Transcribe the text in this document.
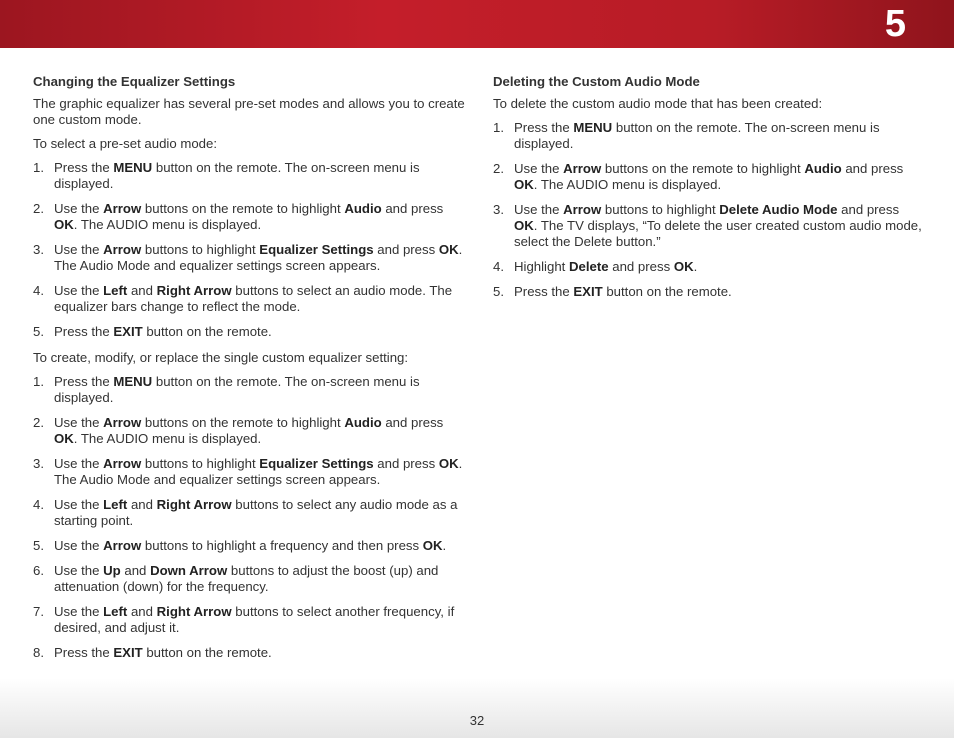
5
Changing the Equalizer Settings

The graphic equalizer has several pre-set modes and allows you to create one custom mode.

To select a pre-set audio mode:

1. Press the MENU button on the remote. The on-screen menu is displayed.
2. Use the Arrow buttons on the remote to highlight Audio and press OK. The AUDIO menu is displayed.
3. Use the Arrow buttons to highlight Equalizer Settings and press OK. The Audio Mode and equalizer settings screen appears.
4. Use the Left and Right Arrow buttons to select an audio mode. The equalizer bars change to reflect the mode.
5. Press the EXIT button on the remote.

To create, modify, or replace the single custom equalizer setting:

1. Press the MENU button on the remote. The on-screen menu is displayed.
2. Use the Arrow buttons on the remote to highlight Audio and press OK. The AUDIO menu is displayed.
3. Use the Arrow buttons to highlight Equalizer Settings and press OK. The Audio Mode and equalizer settings screen appears.
4. Use the Left and Right Arrow buttons to select any audio mode as a starting point.
5. Use the Arrow buttons to highlight a frequency and then press OK.
6. Use the Up and Down Arrow buttons to adjust the boost (up) and attenuation (down) for the frequency.
7. Use the Left and Right Arrow buttons to select another frequency, if desired, and adjust it.
8. Press the EXIT button on the remote.
Deleting the Custom Audio Mode

To delete the custom audio mode that has been created:

1. Press the MENU button on the remote. The on-screen menu is displayed.
2. Use the Arrow buttons on the remote to highlight Audio and press OK. The AUDIO menu is displayed.
3. Use the Arrow buttons to highlight Delete Audio Mode and press OK. The TV displays, “To delete the user created custom audio mode, select the Delete button.”
4. Highlight Delete and press OK.
5. Press the EXIT button on the remote.
32
